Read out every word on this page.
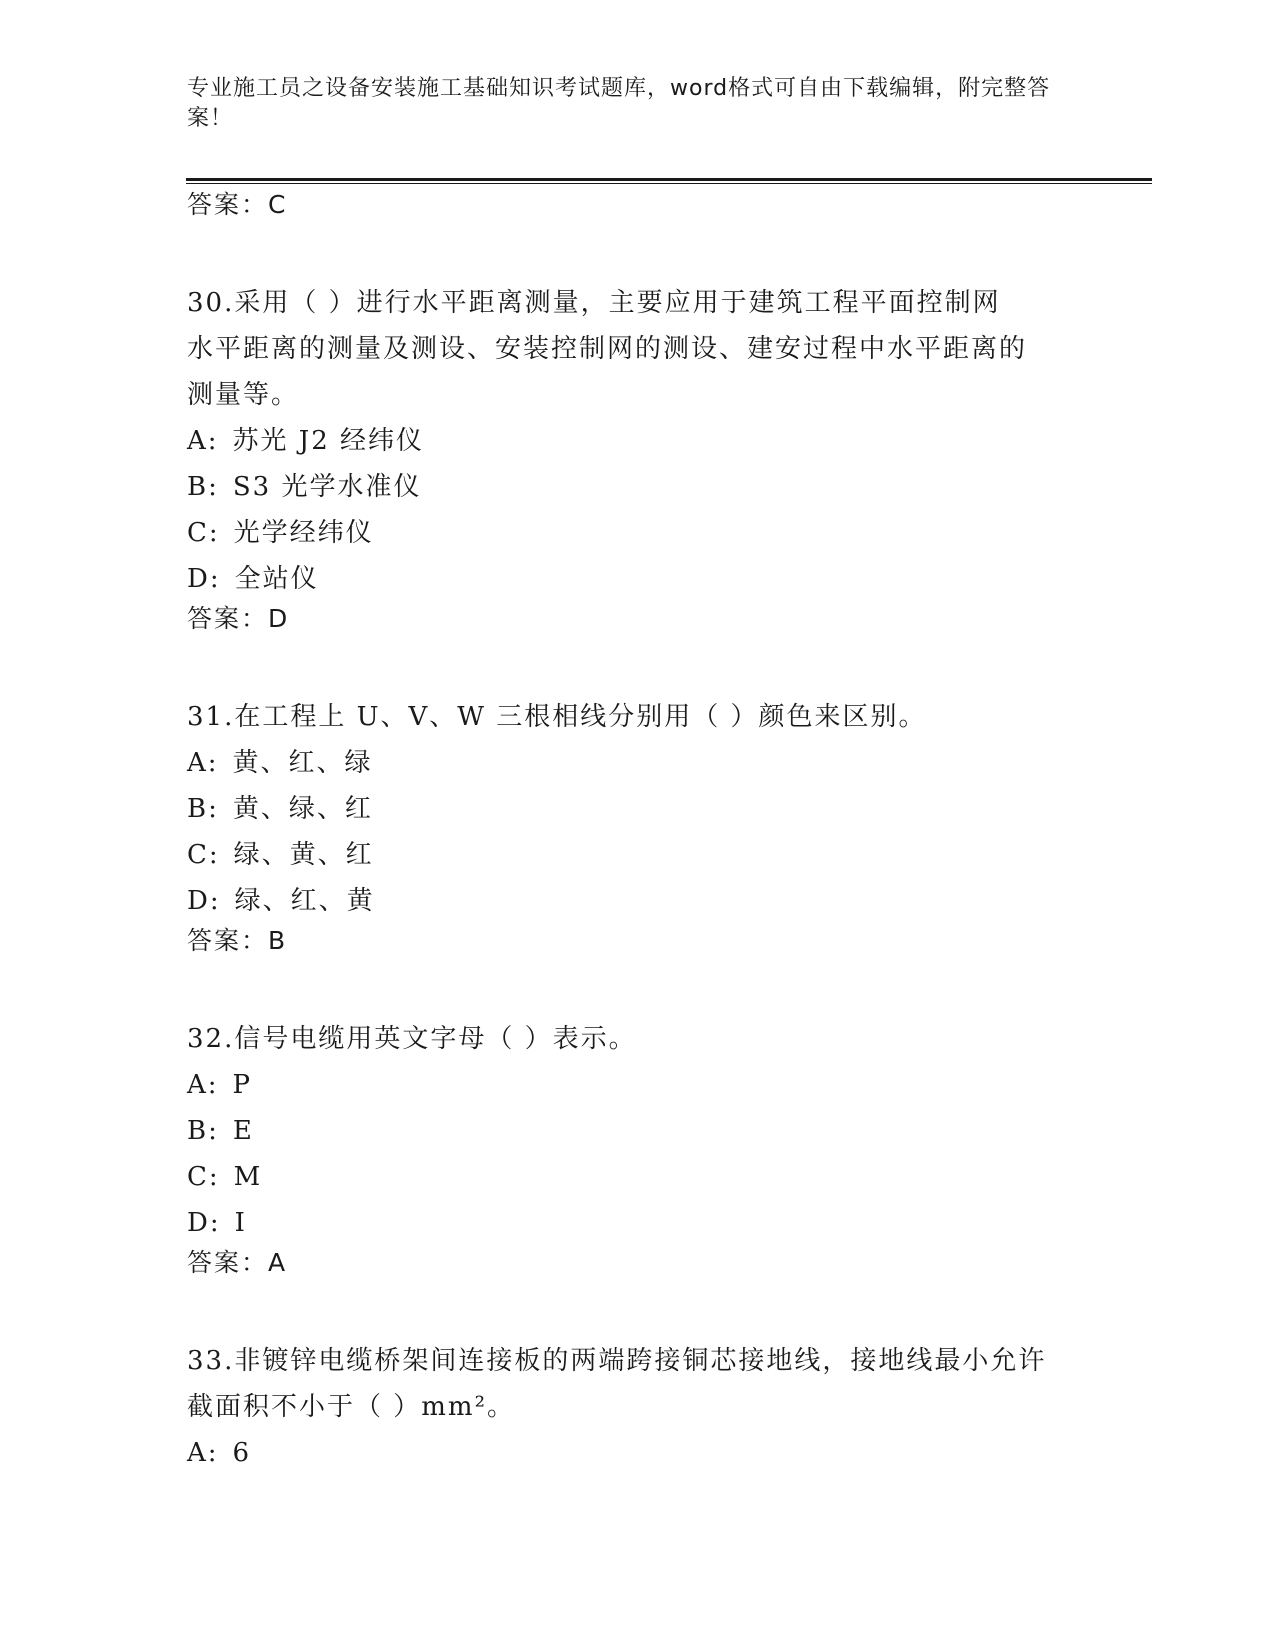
专业施工员之设备安装施工基础知识考试题库，word格式可自由下载编辑，附完整答案！

答案：C

30.采用（ ）进行水平距离测量，主要应用于建筑工程平面控制网水平距离的测量及测设、安装控制网的测设、建安过程中水平距离的测量等。

A: 苏光 J2 经纬仪

B: S3 光学水准仪

C: 光学经纬仪

D: 全站仪

答案：D

31.在工程上 U、V、W 三根相线分别用（ ）颜色来区别。

A: 黄、红、绿

B: 黄、绿、红

C: 绿、黄、红

D: 绿、红、黄

答案：B

32.信号电缆用英文字母（ ）表示。

A: P

B: E

C: M

D: I

答案：A

33.非镀锌电缆桥架间连接板的两端跨接铜芯接地线，接地线最小允许截面积不小于（ ）mm²。

A: 6
